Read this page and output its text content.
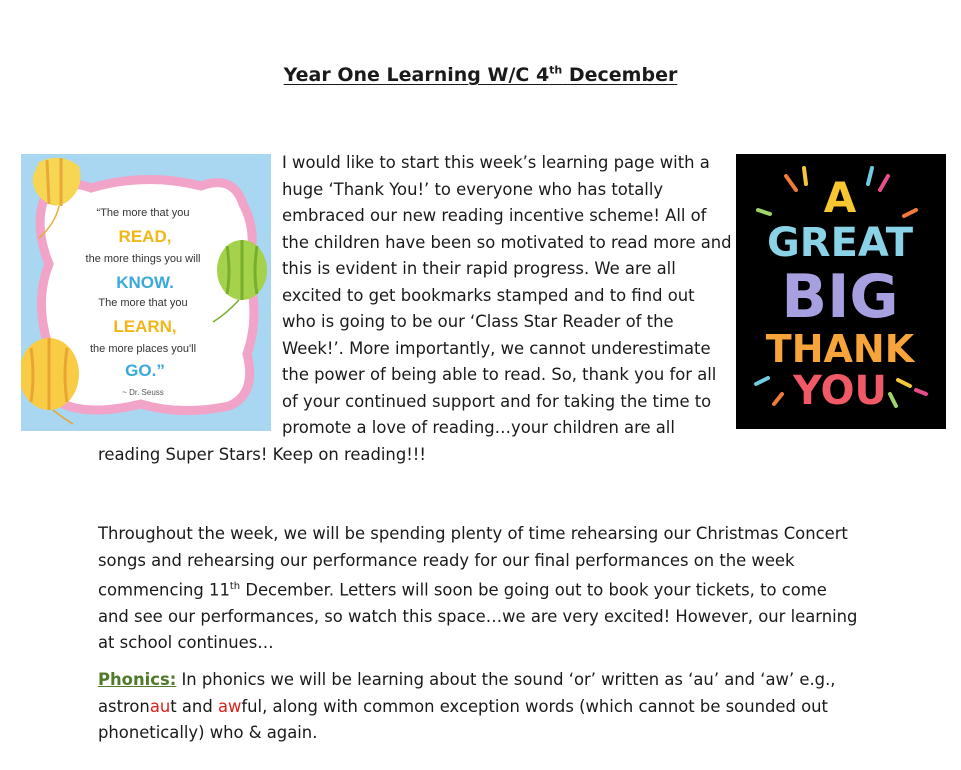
Year One Learning W/C 4th December
“The more that you
READ,
the more things you will
KNOW.
The more that you
LEARN,
the more places you'll
GO.”
~ Dr. Seuss
A
GREAT
BIG
THANK
YOU
I would like to start this week’s learning page with a
huge ‘Thank You!’ to everyone who has totally
embraced our new reading incentive scheme! All of
the children have been so motivated to read more and
this is evident in their rapid progress. We are all
excited to get bookmarks stamped and to find out
who is going to be our ‘Class Star Reader of the
Week!’. More importantly, we cannot underestimate
the power of being able to read. So, thank you for all
of your continued support and for taking the time to
promote a love of reading…your children are all
reading Super Stars! Keep on reading!!!
Throughout the week, we will be spending plenty of time rehearsing our Christmas Concert songs and rehearsing our performance ready for our final performances on the week commencing 11th December. Letters will soon be going out to book your tickets, to come and see our performances, so watch this space…we are very excited! However, our learning at school continues…
Phonics: In phonics we will be learning about the sound ‘or’ written as ‘au’ and ‘aw’ e.g., astronaut and awful, along with common exception words (which cannot be sounded out phonetically) who & again.
